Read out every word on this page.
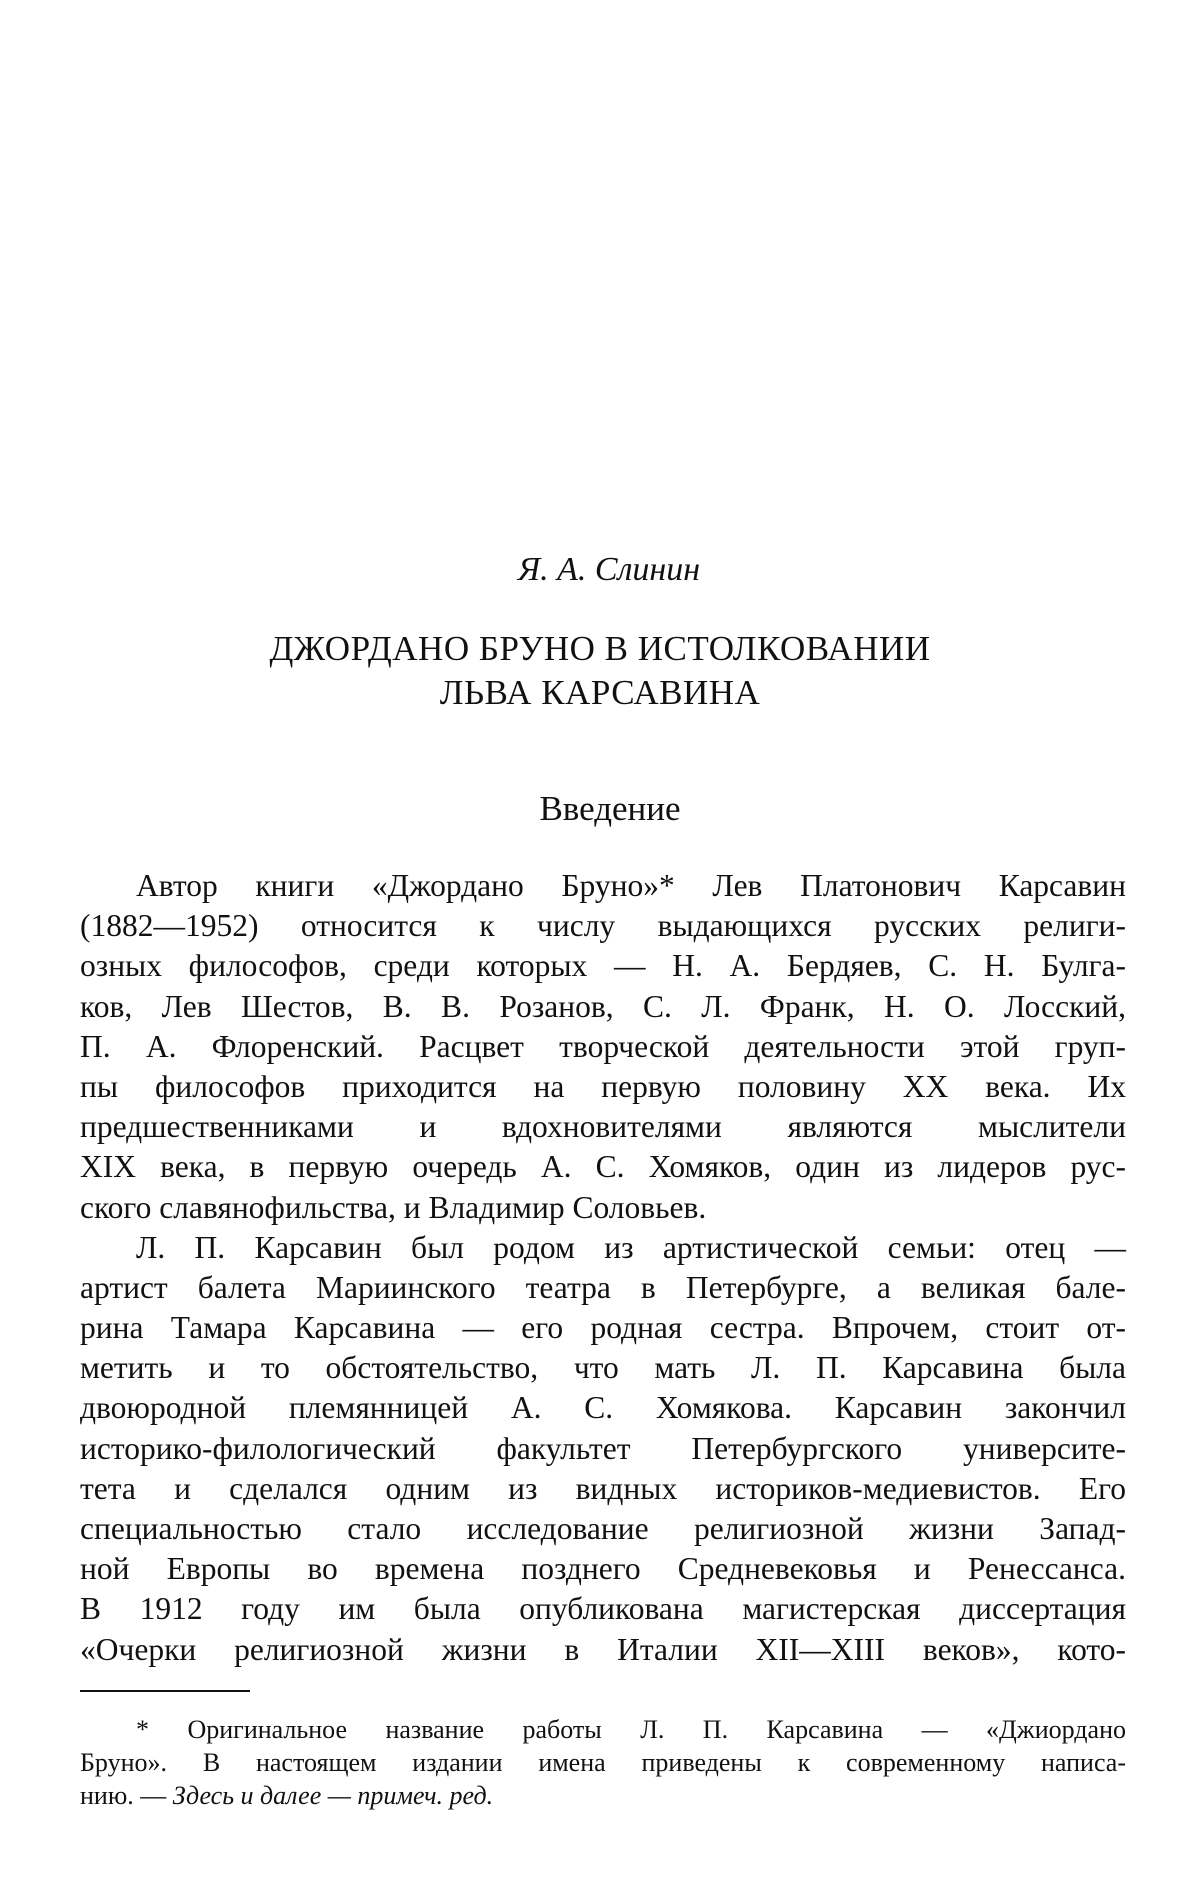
Я. А. Слинин
ДЖОРДАНО БРУНО В ИСТОЛКОВАНИИ
ЛЬВА КАРСАВИНА
Введение
Автор книги «Джордано Бруно»* Лев Платонович Карсавин
(1882—1952) относится к числу выдающихся русских религи-
озных философов, среди которых — Н. А. Бердяев, С. Н. Булга-
ков, Лев Шестов, В. В. Розанов, С. Л. Франк, Н. О. Лосский,
П. А. Флоренский. Расцвет творческой деятельности этой груп-
пы философов приходится на первую половину XX века. Их
предшественниками и вдохновителями являются мыслители
XIX века, в первую очередь А. С. Хомяков, один из лидеров рус-
ского славянофильства, и Владимир Соловьев.
Л. П. Карсавин был родом из артистической семьи: отец —
артист балета Мариинского театра в Петербурге, а великая бале-
рина Тамара Карсавина — его родная сестра. Впрочем, стоит от-
метить и то обстоятельство, что мать Л. П. Карсавина была
двоюродной племянницей А. С. Хомякова. Карсавин закончил
историко-филологический факультет Петербургского университе-
тета и сделался одним из видных историков-медиевистов. Его
специальностью стало исследование религиозной жизни Запад-
ной Европы во времена позднего Средневековья и Ренессанса.
В 1912 году им была опубликована магистерская диссертация
«Очерки религиозной жизни в Италии XII—XIII веков», кото-
* Оригинальное название работы Л. П. Карсавина — «Джиордано
Бруно». В настоящем издании имена приведены к современному написа-
нию. — Здесь и далее — примеч. ред.
